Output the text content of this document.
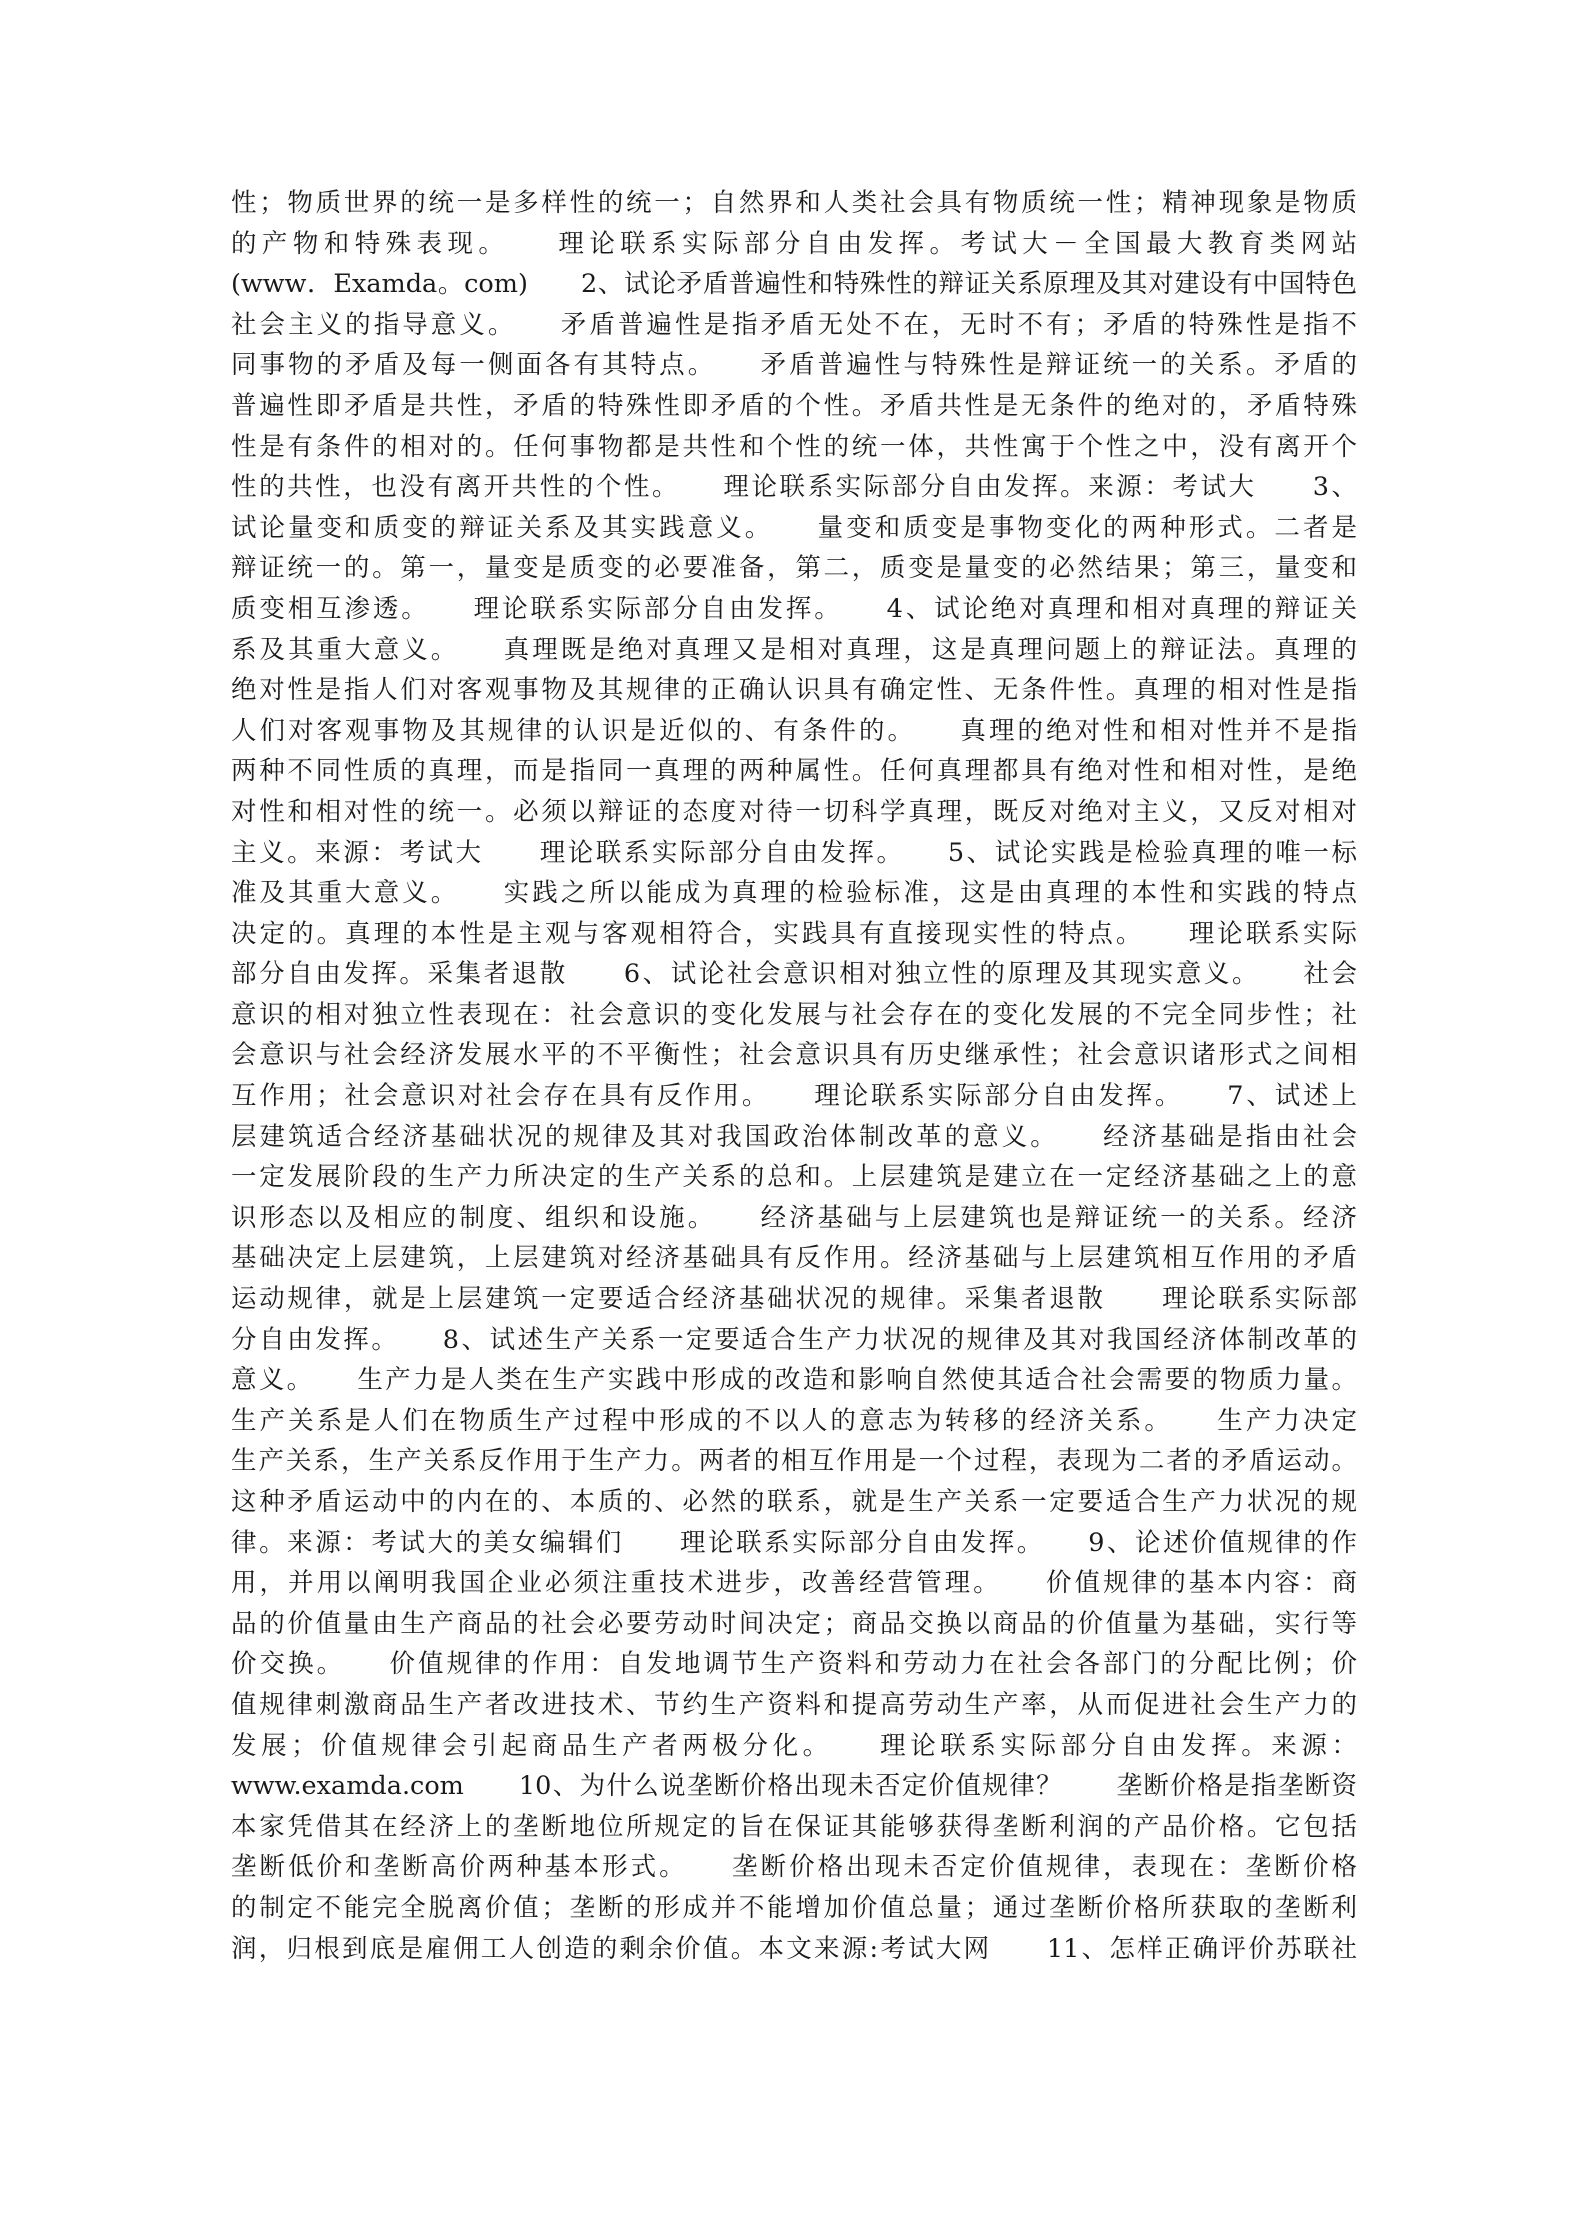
性；物质世界的统一是多样性的统一；自然界和人类社会具有物质统一性；精神现象是物质
的产物和特殊表现。　　理论联系实际部分自由发挥。考试大－全国最大教育类网站
(www．Examda。com)　　2、试论矛盾普遍性和特殊性的辩证关系原理及其对建设有中国特色
社会主义的指导意义。　　矛盾普遍性是指矛盾无处不在，无时不有；矛盾的特殊性是指不
同事物的矛盾及每一侧面各有其特点。　　矛盾普遍性与特殊性是辩证统一的关系。矛盾的
普遍性即矛盾是共性，矛盾的特殊性即矛盾的个性。矛盾共性是无条件的绝对的，矛盾特殊
性是有条件的相对的。任何事物都是共性和个性的统一体，共性寓于个性之中，没有离开个
性的共性，也没有离开共性的个性。　　理论联系实际部分自由发挥。来源：考试大　　3、
试论量变和质变的辩证关系及其实践意义。　　量变和质变是事物变化的两种形式。二者是
辩证统一的。第一，量变是质变的必要准备，第二，质变是量变的必然结果；第三，量变和
质变相互渗透。　　理论联系实际部分自由发挥。　　4、试论绝对真理和相对真理的辩证关
系及其重大意义。　　真理既是绝对真理又是相对真理，这是真理问题上的辩证法。真理的
绝对性是指人们对客观事物及其规律的正确认识具有确定性、无条件性。真理的相对性是指
人们对客观事物及其规律的认识是近似的、有条件的。　　真理的绝对性和相对性并不是指
两种不同性质的真理，而是指同一真理的两种属性。任何真理都具有绝对性和相对性，是绝
对性和相对性的统一。必须以辩证的态度对待一切科学真理，既反对绝对主义，又反对相对
主义。来源：考试大　　理论联系实际部分自由发挥。　　5、试论实践是检验真理的唯一标
准及其重大意义。　　实践之所以能成为真理的检验标准，这是由真理的本性和实践的特点
决定的。真理的本性是主观与客观相符合，实践具有直接现实性的特点。　　理论联系实际
部分自由发挥。采集者退散　　6、试论社会意识相对独立性的原理及其现实意义。　　社会
意识的相对独立性表现在：社会意识的变化发展与社会存在的变化发展的不完全同步性；社
会意识与社会经济发展水平的不平衡性；社会意识具有历史继承性；社会意识诸形式之间相
互作用；社会意识对社会存在具有反作用。　　理论联系实际部分自由发挥。　　7、试述上
层建筑适合经济基础状况的规律及其对我国政治体制改革的意义。　　经济基础是指由社会
一定发展阶段的生产力所决定的生产关系的总和。上层建筑是建立在一定经济基础之上的意
识形态以及相应的制度、组织和设施。　　经济基础与上层建筑也是辩证统一的关系。经济
基础决定上层建筑，上层建筑对经济基础具有反作用。经济基础与上层建筑相互作用的矛盾
运动规律，就是上层建筑一定要适合经济基础状况的规律。采集者退散　　理论联系实际部
分自由发挥。　　8、试述生产关系一定要适合生产力状况的规律及其对我国经济体制改革的
意义。　　生产力是人类在生产实践中形成的改造和影响自然使其适合社会需要的物质力量。
生产关系是人们在物质生产过程中形成的不以人的意志为转移的经济关系。　　生产力决定
生产关系，生产关系反作用于生产力。两者的相互作用是一个过程，表现为二者的矛盾运动。
这种矛盾运动中的内在的、本质的、必然的联系，就是生产关系一定要适合生产力状况的规
律。来源：考试大的美女编辑们　　理论联系实际部分自由发挥。　　9、论述价值规律的作
用，并用以阐明我国企业必须注重技术进步，改善经营管理。　　价值规律的基本内容：商
品的价值量由生产商品的社会必要劳动时间决定；商品交换以商品的价值量为基础，实行等
价交换。　　价值规律的作用：自发地调节生产资料和劳动力在社会各部门的分配比例；价
值规律刺激商品生产者改进技术、节约生产资料和提高劳动生产率，从而促进社会生产力的
发展；价值规律会引起商品生产者两极分化。　　理论联系实际部分自由发挥。来源：
www.examda.com　　10、为什么说垄断价格出现未否定价值规律？　　垄断价格是指垄断资
本家凭借其在经济上的垄断地位所规定的旨在保证其能够获得垄断利润的产品价格。它包括
垄断低价和垄断高价两种基本形式。　　垄断价格出现未否定价值规律，表现在：垄断价格
的制定不能完全脱离价值；垄断的形成并不能增加价值总量；通过垄断价格所获取的垄断利
润，归根到底是雇佣工人创造的剩余价值。本文来源:考试大网　　11、怎样正确评价苏联社
